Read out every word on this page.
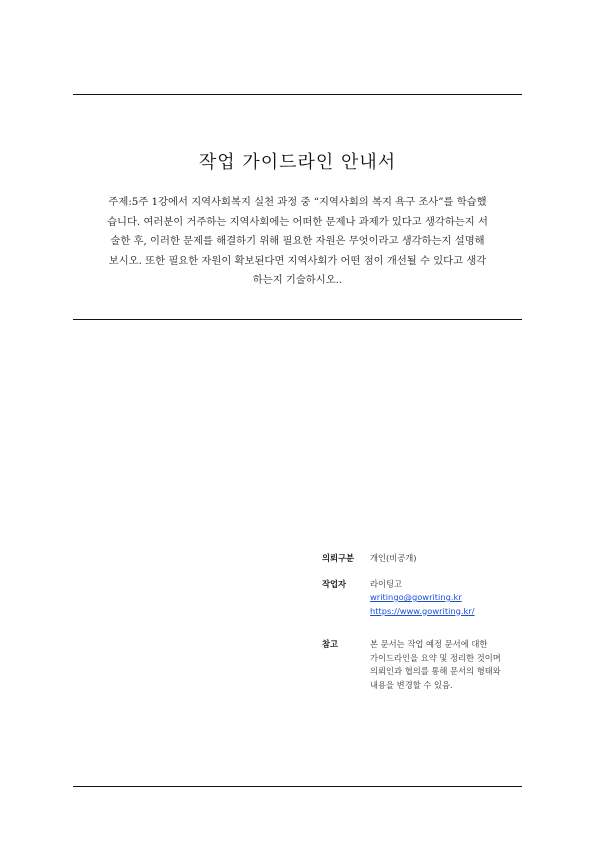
작업 가이드라인 안내서
주제:5주 1강에서 지역사회복지 실천 과정 중 “지역사회의 복지 욕구 조사”를 학습했
습니다. 여러분이 거주하는 지역사회에는 어떠한 문제나 과제가 있다고 생각하는지 서
술한 후, 이러한 문제를 해결하기 위해 필요한 자원은 무엇이라고 생각하는지 설명해
보시오. 또한 필요한 자원이 확보된다면 지역사회가 어떤 점이 개선될 수 있다고 생각
하는지 기술하시오..
의뢰구분	개인(비공개)
작업자	라이팅고
writingo@gowriting.kr
https://www.gowriting.kr/
참고	본 문서는 작업 예정 문서에 대한
가이드라인을 요약 및 정리한 것이며
의뢰인과 협의를 통해 문서의 형태와
내용을 변경할 수 있음.
